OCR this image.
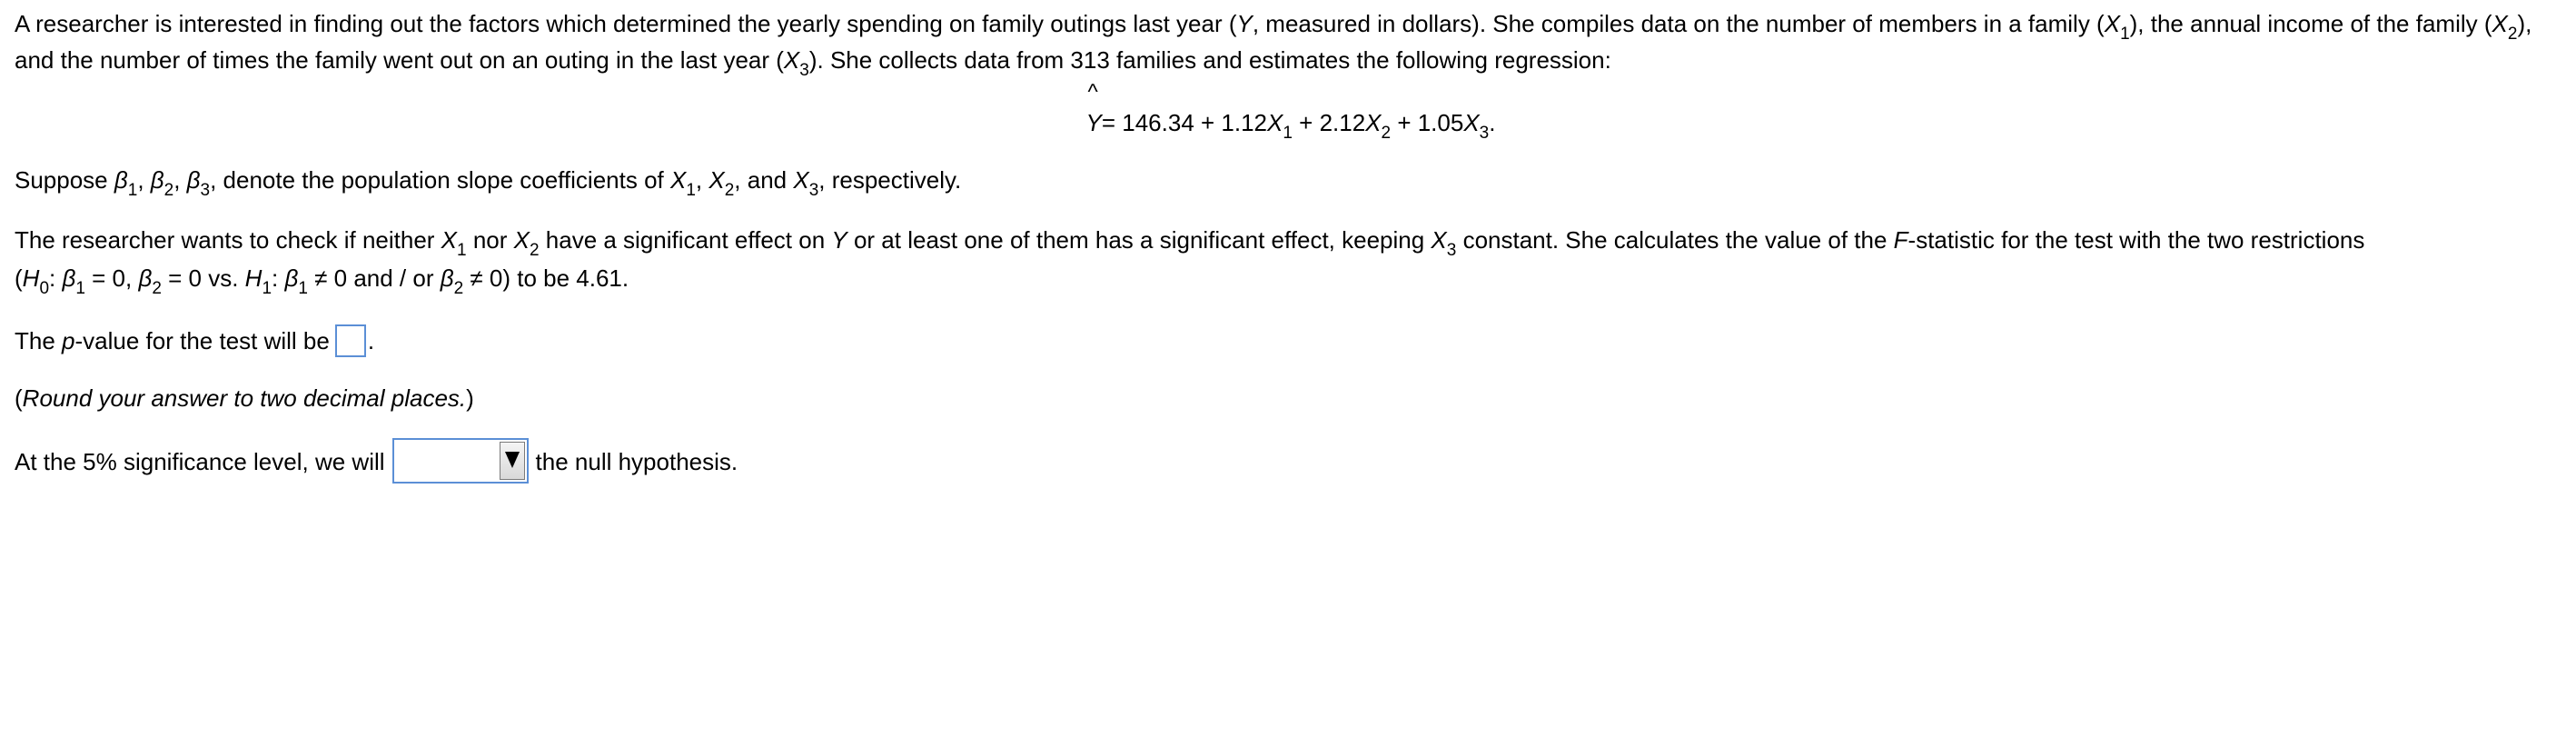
A researcher is interested in finding out the factors which determined the yearly spending on family outings last year (Y, measured in dollars). She compiles data on the number of members in a family $(X_1)$, the annual income of the family $(X_2)$,
and the number of times the family went out on an outing in the last year $(X_3)$. She collects data from 313 families and estimates the following regression:

^
$Y= 146.34 + 1.12X_1 + 2.12X_2 + 1.05X_3$.

Suppose $\beta_1$, $\beta_2$, $\beta_3$, denote the population slope coefficients of $X_1$, $X_2$, and $X_3$, respectively.

The researcher wants to check if neither $X_1$ nor $X_2$ have a significant effect on Y or at least one of them has a significant effect, keeping $X_3$ constant. She calculates the value of the F-statistic for the test with the two restrictions
($H_0$: $\beta_1 = 0$, $\beta_2 = 0$ vs. $H_1$: $\beta_1 \ne 0$ and / or $\beta_2 \ne 0$) to be 4.61.

The p-value for the test will be .

(Round your answer to two decimal places.)

At the 5% significance level, we will	the null hypothesis.
